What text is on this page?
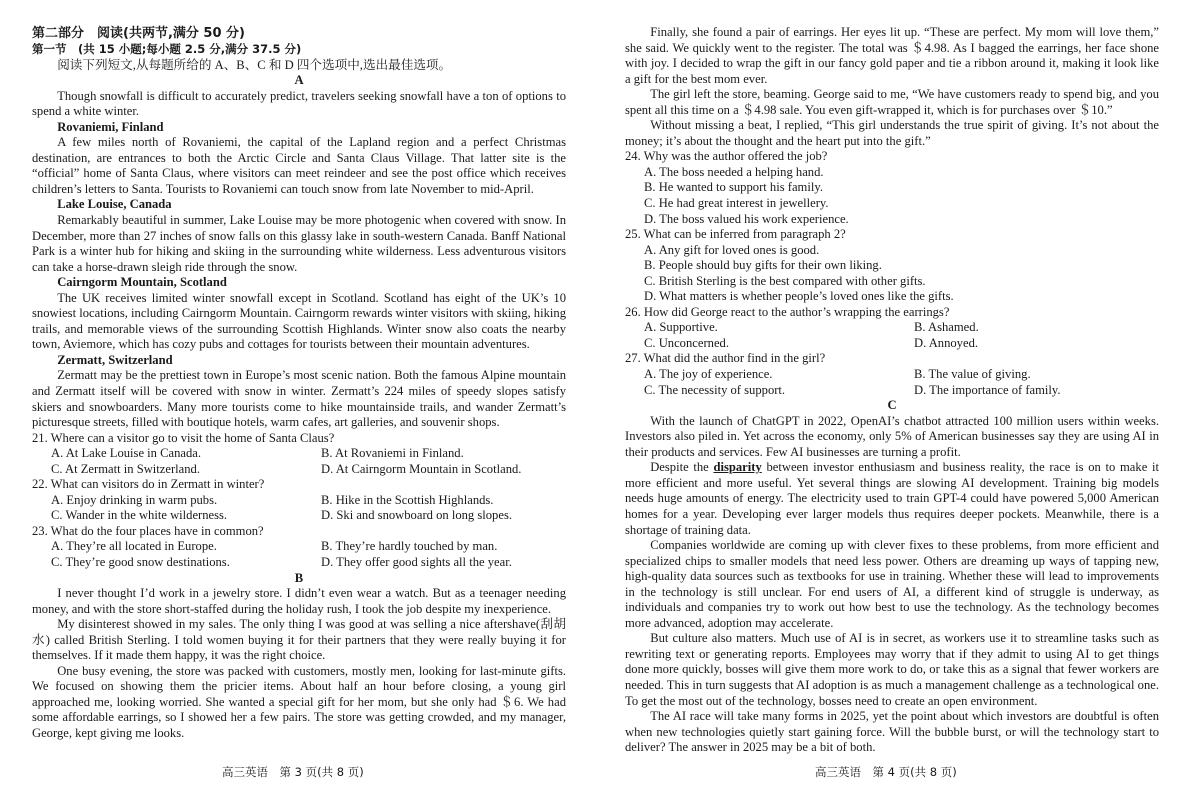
第二部分　阅读(共两节,满分 50 分)
第一节　(共 15 小题;每小题 2.5 分,满分 37.5 分)
阅读下列短文,从每题所给的 A、B、C 和 D 四个选项中,选出最佳选项。
A

Though snowfall is difficult to accurately predict, travelers seeking snowfall have a ton of options to spend a white winter.

Rovaniemi, Finland

A few miles north of Rovaniemi, the capital of the Lapland region and a perfect Christmas destination, are entrances to both the Arctic Circle and Santa Claus Village. That latter site is the “official” home of Santa Claus, where visitors can meet reindeer and see the post office which receives children’s letters to Santa. Tourists to Rovaniemi can touch snow from late November to mid-April.

Lake Louise, Canada

Remarkably beautiful in summer, Lake Louise may be more photogenic when covered with snow. In December, more than 27 inches of snow falls on this glassy lake in south-western Canada. Banff National Park is a winter hub for hiking and skiing in the surrounding white wilderness. Less adventurous visitors can take a horse-drawn sleigh ride through the snow.

Cairngorm Mountain, Scotland

The UK receives limited winter snowfall except in Scotland. Scotland has eight of the UK’s 10 snowiest locations, including Cairngorm Mountain. Cairngorm rewards winter visitors with skiing, hiking trails, and memorable views of the surrounding Scottish Highlands. Winter snow also coats the nearby town, Aviemore, which has cozy pubs and cottages for tourists between their mountain adventures.

Zermatt, Switzerland

Zermatt may be the prettiest town in Europe’s most scenic nation. Both the famous Alpine mountain and Zermatt itself will be covered with snow in winter. Zermatt’s 224 miles of speedy slopes satisfy skiers and snowboarders. Many more tourists come to hike mountainside trails, and wander Zermatt’s picturesque streets, filled with boutique hotels, warm cafes, art galleries, and souvenir shops.

21. Where can a visitor go to visit the home of Santa Claus?
A. At Lake Louise in Canada.	B. At Rovaniemi in Finland.
C. At Zermatt in Switzerland.	D. At Cairngorm Mountain in Scotland.
22. What can visitors do in Zermatt in winter?
A. Enjoy drinking in warm pubs.	B. Hike in the Scottish Highlands.
C. Wander in the white wilderness.	D. Ski and snowboard on long slopes.
23. What do the four places have in common?
A. They’re all located in Europe.	B. They’re hardly touched by man.
C. They’re good snow destinations.	D. They offer good sights all the year.
B

I never thought I’d work in a jewelry store. I didn’t even wear a watch. But as a teenager needing money, and with the store short-staffed during the holiday rush, I took the job despite my inexperience.

My disinterest showed in my sales. The only thing I was good at was selling a nice aftershave(刮胡水) called British Sterling. I told women buying it for their partners that they were really buying it for themselves. If it made them happy, it was the right choice.

One busy evening, the store was packed with customers, mostly men, looking for last-minute gifts. We focused on showing them the pricier items. About half an hour before closing, a young girl approached me, looking worried. She wanted a special gift for her mom, but she only had ＄6. We had some affordable earrings, so I showed her a few pairs. The store was getting crowded, and my manager, George, kept giving me looks.

高三英语　第 3 页(共 8 页)

Finally, she found a pair of earrings. Her eyes lit up. “These are perfect. My mom will love them,” she said. We quickly went to the register. The total was ＄4.98. As I bagged the earrings, her face shone with joy. I decided to wrap the gift in our fancy gold paper and tie a ribbon around it, making it look like a gift for the best mom ever.

The girl left the store, beaming. George said to me, “We have customers ready to spend big, and you spent all this time on a ＄4.98 sale. You even gift-wrapped it, which is for purchases over ＄10.”

Without missing a beat, I replied, “This girl understands the true spirit of giving. It’s not about the money; it’s about the thought and the heart put into the gift.”

24. Why was the author offered the job?
A. The boss needed a helping hand.
B. He wanted to support his family.
C. He had great interest in jewellery.
D. The boss valued his work experience.
25. What can be inferred from paragraph 2?
A. Any gift for loved ones is good.
B. People should buy gifts for their own liking.
C. British Sterling is the best compared with other gifts.
D. What matters is whether people’s loved ones like the gifts.
26. How did George react to the author’s wrapping the earrings?
A. Supportive.	B. Ashamed.
C. Unconcerned.	D. Annoyed.
27. What did the author find in the girl?
A. The joy of experience.	B. The value of giving.
C. The necessity of support.	D. The importance of family.
C

With the launch of ChatGPT in 2022, OpenAI’s chatbot attracted 100 million users within weeks. Investors also piled in. Yet across the economy, only 5% of American businesses say they are using AI in their products and services. Few AI businesses are turning a profit.

Despite the disparity between investor enthusiasm and business reality, the race is on to make it more efficient and more useful. Yet several things are slowing AI development. Training big models needs huge amounts of energy. The electricity used to train GPT-4 could have powered 5,000 American homes for a year. Developing ever larger models thus requires deeper pockets. Meanwhile, there is a shortage of training data.

Companies worldwide are coming up with clever fixes to these problems, from more efficient and specialized chips to smaller models that need less power. Others are dreaming up ways of tapping new, high-quality data sources such as textbooks for use in training. Whether these will lead to improvements in the technology is still unclear. For end users of AI, a different kind of struggle is underway, as individuals and companies try to work out how best to use the technology. As the technology becomes more advanced, adoption may accelerate.

But culture also matters. Much use of AI is in secret, as workers use it to streamline tasks such as rewriting text or generating reports. Employees may worry that if they admit to using AI to get things done more quickly, bosses will give them more work to do, or take this as a signal that fewer workers are needed. This in turn suggests that AI adoption is as much a management challenge as a technological one. To get the most out of the technology, bosses need to create an open environment.

The AI race will take many forms in 2025, yet the point about which investors are doubtful is often when new technologies quietly start gaining force. Will the bubble burst, or will the technology start to deliver? The answer in 2025 may be a bit of both.

高三英语　第 4 页(共 8 页)
